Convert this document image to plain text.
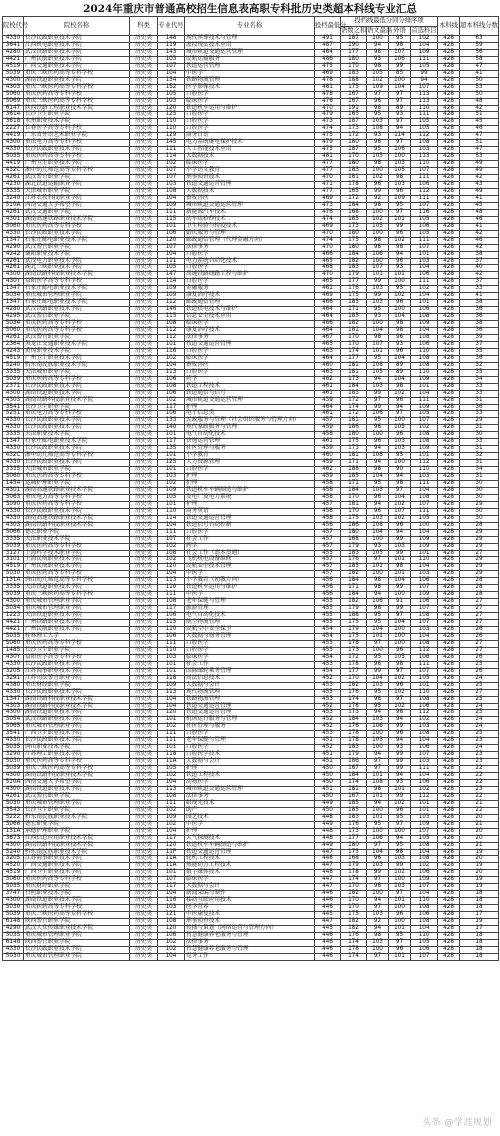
2024年重庆市普通高校招生信息表高职专科批历史类超本科线专业汇总
院校代号	院校名称	科类	专业代号	专业名称	投档最低分	投档线最低分同分排序项				本科线	超本科线分数
						语数之和	语文最高	外语	首选科目		
4330	长沙民政职业技术学院	历史类	148	现代殡葬技术与管理	491	187	100	95	102	428	63
3641	江西机电职业技术学院	历史类	119	虚拟现实技术应用	487	190	94	98	104	428	59
4280	武汉铁路职业技术学院	历史类	143	城市轨道交通运营管理	484	177	98	107	109	428	56
4421	广州民航职业技术学院	历史类	103	民航运输服务	486	180	93	106	111	428	58
4519	广西交通职业技术学院	历史类	107	铁道运营管理	475	170	98	99	105	428	47
5039	重庆三峡医药高等专科学校	历史类	104	中医学	469	183	105	85	99	428	41
4300	湖南铁道职业技术学院	历史类	134	铁路物流管理	478	188	102	100	94	428	50
4303	重庆三峡医药高等专科学校	历史类	152	医学影像技术	481	175	109	104	107	428	53
5060	重庆医药高等专科学校	历史类	105	口腔医学	478	167	97	97	113	428	50
5069	重庆三峡医药高等专科学校	历史类	103	临床医学	476	167	96	97	113	428	48
6147	陕西铁路工程职业技术学院	历史类	120	铁道机车运用与维护	470	191	98	89	110	428	42
3614	长沙卫生职业学院	历史类	125	口腔医学	479	165	95	93	111	428	51
3618	永州职业技术学院	历史类	110	口腔医学	473	187	103	97	105	428	45
2227	长春医学高等专科学校	历史类	110	口腔医学	474	173	108	94	105	428	46
4419	广东省外语艺术职业学院	历史类	129	商务日语	475	172	93	114	112	428	47
4300	重庆电力高等专科学校	历史类	145	电力系统继电保护技术	479	180	96	97	108	428	51
4330	长沙民政职业技术学院	历史类	111	人工智能技术应用	475	187	95	106	103	428	47
5035	重庆医药高等专科学校	历史类	114	大数据技术	481	170	105	100	113	428	53
4419	广州卫生职业技术学院	历史类	102	临床医学	477	180	98	103	110	428	49
432C	湘中幼儿师范高等专科学校	历史类	107	小学语文教育	477	183	100	105	107	428	49
4261	武汉警官职业学院	历史类	107	刑事侦查技术	470	181	102	98	111	428	42
4230	湖北铁道运输职业学院	历史类	103	铁道交通运营管理	471	178	96	103	106	428	43
3335	天津城市职业学院	历史类	108	大数据技术	477	165	99	96	112	428	49
3240	江苏农牧科技职业学院	历史类	104	畜牧兽医	469	172	92	109	111	428	41
510A	西南交通大学希望学院	历史类	109	城市轨道交通运营管理	473	184	98	95	107	428	45
4261	武汉交通职业学院	历史类	111	新能源汽车技术	476	168	100	97	116	428	48
4301	湖南高速铁路职业技术学院	历史类	115	动车组检修技术	474	185	102	101	105	428	46
5060	重庆医药高等专科学校	历史类	101	卫生检验与检疫技术	469	173	105	99	106	428	41
4330	长沙民政职业技术学院	历史类	106	婚庆服务与管理	470	180	100	96	105	428	42
1347	石家庄邮电职业技术学院	历史类	120	邮政通信管理（代理金融方向）	474	175	98	102	111	428	46
4290	武汉警官职业学院	历史类	107	法律事务	470	180	98	98	107	428	42
4242	襄阳职业技术学院	历史类	104	口腔医学	466	184	106	94	101	428	38
4261	武汉电力职业技术学院	历史类	111	电力系统自动化技术	465	182	100	96	103	428	37
4261	湖北三峡职业技术学院	历史类	105	口腔医学	468	183	107	93	104	428	40
4300	湖南铁路科技职业技术学院	历史类	147	高速铁路线路工程与维护	470	179	101	101	106	428	42
430Y	益阳医学高等专科学校	历史类	114	口腔医学	465	177	99	100	111	428	37
1347	石家庄邮电职业技术学院	历史类	109	金融服务	461	176	103	95	102	428	33
5034	重庆城市管理职业学院	历史类	109	康复治疗技术	469	175	99	102	104	428	41
1347	石家庄邮电职业技术学院	历史类	112	邮政通信管理	466	185	103	96	101	428	38
4280	武汉铁路职业技术学院	历史类	146	铁道供电技术与维护	464	171	95	100	106	428	36
4295	武汉警官职业学院	历史类	115	信息安全技术应用	464	185	93	104	108	428	36
5034	重庆医药高等专科学校	历史类	108	临床医学	466	182	100	98	109	428	38
5060	重庆医药高等专科学校	历史类	112	康复治疗技术	464	181	104	98	104	428	36
4261	武汉警官职业学院	历史类	112	法律事务	467	170	98	96	108	428	39
2364	黑龙江交通职业技术学院	历史类	101	铁道交通运营管理	465	170	107	93	106	428	37
4243	黄冈职业技术学院	历史类	116	口腔医学	463	174	101	96	110	428	35
4519	广州卫生职业技术学院	历史类	102	临床医学	464	177	95	104	108	428	36
5240	黔东南民族职业技术学院	历史类	104	畜牧兽医	460	181	108	89	108	428	32
3335	天津城市职业学院	历史类	113	口腔医学	463	181	105	89	110	428	35
5039	重庆医药高等专科学校	历史类	106	药学	462	173	94	104	109	428	34
2371	长沙民政职业技术学院	历史类	108	铁道工程技术	461	184	103	98	101	428	33
4300	湖南铁道职业技术学院	历史类	106	铁道通信与信号	461	183	99	102	104	428	33
4303	湖南铁路科技职业技术学院	历史类	102	城市轨道交通运营管理	459	172	97	96	111	428	31
3541	长沙卫生职业学院	历史类	117	护理	464	174	99	94	109	428	36
5251	重庆电力高等专科学校	历史类	106	电子信息类	461	172	106	97	105	428	33
4330	长沙民政职业技术学院	历史类	133	民政服务与管理（社会组织服务与管理方向）	457	181	95	100	107	428	29
4330	长沙民政职业技术学院	历史类	140	现代家政服务与管理	459	186	96	105	102	428	31
3335	天津职业技术学院	历史类	101	电气自动化技术	458	180	100	96	108	428	30
1347	石家庄邮电职业技术学院	历史类	117	快递运营管理	461	175	96	103	108	428	33
4330	长沙民政职业技术学院	历史类	135	社区管理与服务	459	173	94	103	109	428	31
432C	湘中幼儿师范高等专科学校	历史类	101	小学教育	460	181	108	95	101	428	32
4330	长沙民政职业技术学院	历史类	125	人力资源管理	459	171	94	100	112	428	31
3335	天津城市职业学院	历史类	101	口腔医学	462	188	98	90	110	428	34
5060	重庆医药高等专科学校	历史类	103	护理	459	185	104	94	103	428	31
1454	运城护理职业学院	历史类	102	护理	458	171	95	98	111	428	30
4301	湖南高速铁路职业技术学院	历史类	109	铁道机车车辆制造与维护	458	184	103	97	104	428	30
5063	重庆电力高等专科学校	历史类	105	发电厂及电力系统	458	170	96	104	108	428	30
5090	重庆医药高等专科学校	历史类	101	护理	457	181	94	102	107	428	29
4330	长沙民政职业技术学院	历史类	110	商务英语	458	170	96	107	111	428	30
4330	湖南高速铁路职业技术学院	历史类	114	铁道交通运营管理	458	175	103	102	105	428	30
4303	湖南铁路科技职业技术学院	历史类	104	铁道信号自动控制	456	186	108	96	100	428	28
5066	德宏职业学院	历史类	111	口腔医学	457	180	104	94	104	428	29
3335	天津职业技术学院	历史类	107	社会工作	457	168	100	99	109	428	29
5039	重庆医药高等专科学校	历史类	102	药学	457	179	93	103	109	428	29
3127	上海科学技术职业学院	历史类	108	社会工作（高本贯通）	455	183	105	99	101	428	27
3101	上海民航职业技术学院	历史类	102	飞机机电设备维修	457	176	97	101	110	428	29
4519	广州民航职业技术学院	历史类	120	民航安全技术管理	457	185	101	98	104	428	29
5030	重庆医药高等专科学校	历史类	104	中医学	457	182	100	101	103	428	29
131A	唐山幼儿师范高等专科学校	历史类	113	小学教育（初教方向）	456	184	98	104	106	428	28
3335	天津铁道职业技术学院	历史类	110	铁道机车运用与维护	456	171	98	99	107	428	28
5039	重庆三峡医药高等专科学校	历史类	111	中医学	456	184	94	100	109	428	28
4300	重庆城市管理职业学院	历史类	108	老年保健与管理	455	182	106	91	106	428	27
5034	重庆城市管理职业学院	历史类	117	旅游管理	455	179	98	99	107	428	27
1223	天津铁道职业技术学院	历史类	106	电气自动化技术	455	188	95	97	108	428	27
4421	广州铁路职业技术学院	历史类	115	航空物流管理	455	175	95	104	107	428	27
4421	广州民航职业技术学院	历史类	110	民航空中安全保卫	454	179	104	100	103	428	26
5035	桂林理工大学	历史类	106	大数据与财务管理	454	175	101	100	104	428	26
5060	重庆医药高等专科学校	历史类	111	口腔医学	455	178	97	100	108	428	27
1485	长沙卫生职业学院	历史类	110	口腔医学	455	173	100	96	112	428	27
430Y	益阳医学高等专科学校	历史类	103	临床医学	454	172	95	105	106	428	26
4330	长沙民政职业技术学院	历史类	101	社会工作	453	178	96	98	111	428	25
3205	江苏海事职业技术学院	历史类	101	国际邮轮乘务管理	454	177	99	97	107	428	26
3291	江苏司法警官职业学院	历史类	118	司法信息技术	452	170	104	102	105	428	24
4380	重庆财经职业学院	历史类	109	大数据与会计	453	182	103	96	101	428	25
4330	长沙民政职业技术学院	历史类	113	现代物流管理	455	176	95	102	110	428	27
1347	湖南铁路科技职业技术学院	历史类	104	铁路物流管理	453	174	98	97	108	428	25
4303	湖南铁路科技职业技术学院	历史类	104	铁道交通运营管理	452	178	95	102	106	428	24
4300	湖南铁道职业技术学院	历史类	120	铁道交通运营管理	453	173	94	98	112	428	25
5054	武汉铁路职业技术学院	历史类	101	机场运行服务与管理	452	184	103	94	102	428	24
5065	重庆城市管理职业学院	历史类	102	社区管理与服务	452	176	106	99	103	428	24
3541	广西卫生职业技术学院	历史类	111	口腔医学	453	178	100	96	108	428	25
4330	长沙民政职业技术学院	历史类	111	老年保健与管理	451	178	103	94	104	428	23
5035	唐山职业技术学院	历史类	101	口腔医学	452	183	100	93	106	428	24
3290	江苏理工职业技术学院	历史类	118	口腔医学技术	451	179	94	99	107	428	23
5030	重庆医药高等专科学校	历史类	11A	大数据与会计	451	186	97	99	103	428	23
5039	重庆三峡医药高等专科学校	历史类	105	护理	450	167	97	99	111	428	22
4300	湖南铁路科技职业技术学院	历史类	102	铁道工程技术	450	184	101	94	104	428	22
510A	西南交通大学希望学院	历史类	104	动物医学	450	174	108	93	106	428	22
4300	湖南铁道职业技术学院	历史类	113	城市轨道交通运营管理	451	181	98	101	102	428	23
4261	武汉警官职业学院	历史类	108	法律事务	450	167	101	99	112	428	22
5030	重庆城市管理职业学院	历史类	111	眼视光技术	449	185	94	102	101	428	21
3543	长沙卫生职业学院	历史类	102	助产	450	185	100	96	101	428	22
5222	黔东南民族职业技术学院	历史类	109	园艺技术	448	183	101	95	103	428	20
5066	德宏职业学院	历史类	102	中医学	449	176	95	97	109	428	21
131A	承德护理职业学院	历史类	104	护理	448	173	100	100	107	428	20
3673	江西信息应用职业技术学院	历史类	117	大气探测技术	448	177	106	94	105	428	20
4300	湖南铁路科技职业技术学院	历史类	120	铁道机车车辆制造与维护	449	180	97	95	108	428	21
5240	黔东南民族职业技术学院	历史类	11P	铁道交通运营管理	447	175	104	98	104	428	19
3205	江苏海事职业技术学院	历史类	11A	轮机工程技术	448	168	96	103	108	428	20
4520	广西交通职业技术学院	历史类	11A	热能动力工程技术	447	179	103	99	102	428	19
4519	广西卫生职业技术学院	历史类	101	数字媒体技术	448	178	99	102	106	428	20
5060	重庆医药高等专科学校	历史类	107	临床医学	447	174	97	100	109	428	19
5035	重庆财经职业学院	历史类	117	大数据与会计	447	170	98	103	107	428	19
3747	日照职业技术学院	历史类	104	新闻采编与制作	446	182	100	97	104	428	18
4300	湖南铁道职业技术学院	历史类	116	移动互联应用技术	446	170	94	101	110	428	18
5030	重庆医药高等专科学校	历史类	103	医学营养	446	170	97	100	108	428	18
5039	重庆三峡医药高等专科学校	历史类	121	中医康复技术	445	175	103	96	106	428	17
6148	陕西警官职业学院	历史类	108	刑事侦查技术	447	182	92	100	108	428	19
4290	武汉大众传媒职业技术学院	历史类	120	传播与策划（网络运营与管理方向）	445	182	94	101	104	428	17
5035	重庆城市管理职业学院	历史类	106	智慧健康养老服务与管理	446	176	98	95	110	428	18
6148	陕西警官职业学院	历史类	102	法律事务	446	174	103	97	105	428	18
4330	长沙民政职业技术学院	历史类	102	智慧健康养老服务与管理	446	178	100	96	106	428	18
5030	重庆城市管理职业学院	历史类	104	党务工作	446	174	97	101	107	428	18
头条 @学涯规划
